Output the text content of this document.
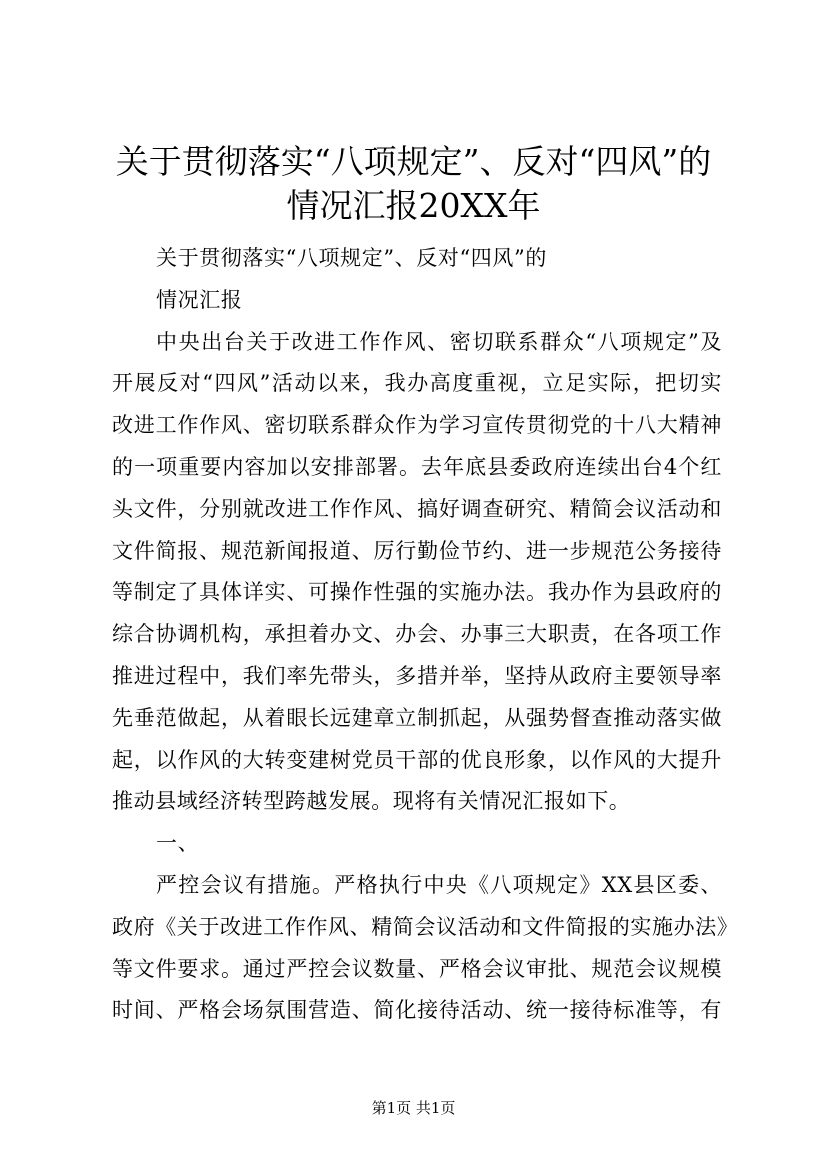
关于贯彻落实“八项规定”、反对“四风”的
情况汇报20XX年
关于贯彻落实“八项规定”、反对“四风”的
情况汇报
中央出台关于改进工作作风、密切联系群众“八项规定”及
开展反对“四风”活动以来，我办高度重视，立足实际，把切实
改进工作作风、密切联系群众作为学习宣传贯彻党的十八大精神
的一项重要内容加以安排部署。去年底县委政府连续出台4个红
头文件，分别就改进工作作风、搞好调查研究、精简会议活动和
文件简报、规范新闻报道、厉行勤俭节约、进一步规范公务接待
等制定了具体详实、可操作性强的实施办法。我办作为县政府的
综合协调机构，承担着办文、办会、办事三大职责，在各项工作
推进过程中，我们率先带头，多措并举，坚持从政府主要领导率
先垂范做起，从着眼长远建章立制抓起，从强势督查推动落实做
起，以作风的大转变建树党员干部的优良形象，以作风的大提升
推动县域经济转型跨越发展。现将有关情况汇报如下。
一、
严控会议有措施。严格执行中央《八项规定》XX县区委、
政府《关于改进工作作风、精简会议活动和文件简报的实施办法》
等文件要求。通过严控会议数量、严格会议审批、规范会议规模
时间、严格会场氛围营造、简化接待活动、统一接待标准等，有
第1页 共1页
